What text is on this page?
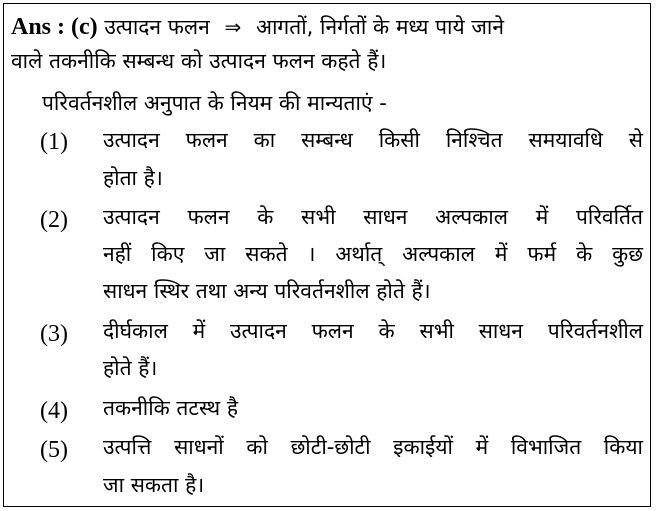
Ans : (c) उत्पादन फलन ⇒ आगतों, निर्गतों के मध्य पाये जाने
वाले तकनीकि सम्बन्ध को उत्पादन फलन कहते हैं।
परिवर्तनशील अनुपात के नियम की मान्यताएं -
(1) उत्पादन फलन का सम्बन्ध किसी निश्चित समयावधि से
होता है।
(2) उत्पादन फलन के सभी साधन अल्पकाल में परिवर्तित
नहीं किए जा सकते । अर्थात् अल्पकाल में फर्म के कुछ
साधन स्थिर तथा अन्य परिवर्तनशील होते हैं।
(3) दीर्घकाल में उत्पादन फलन के सभी साधन परिवर्तनशील
होते हैं।
(4) तकनीकि तटस्थ है
(5) उत्पत्ति साधनों को छोटी-छोटी इकाईयों में विभाजित किया
जा सकता है।
